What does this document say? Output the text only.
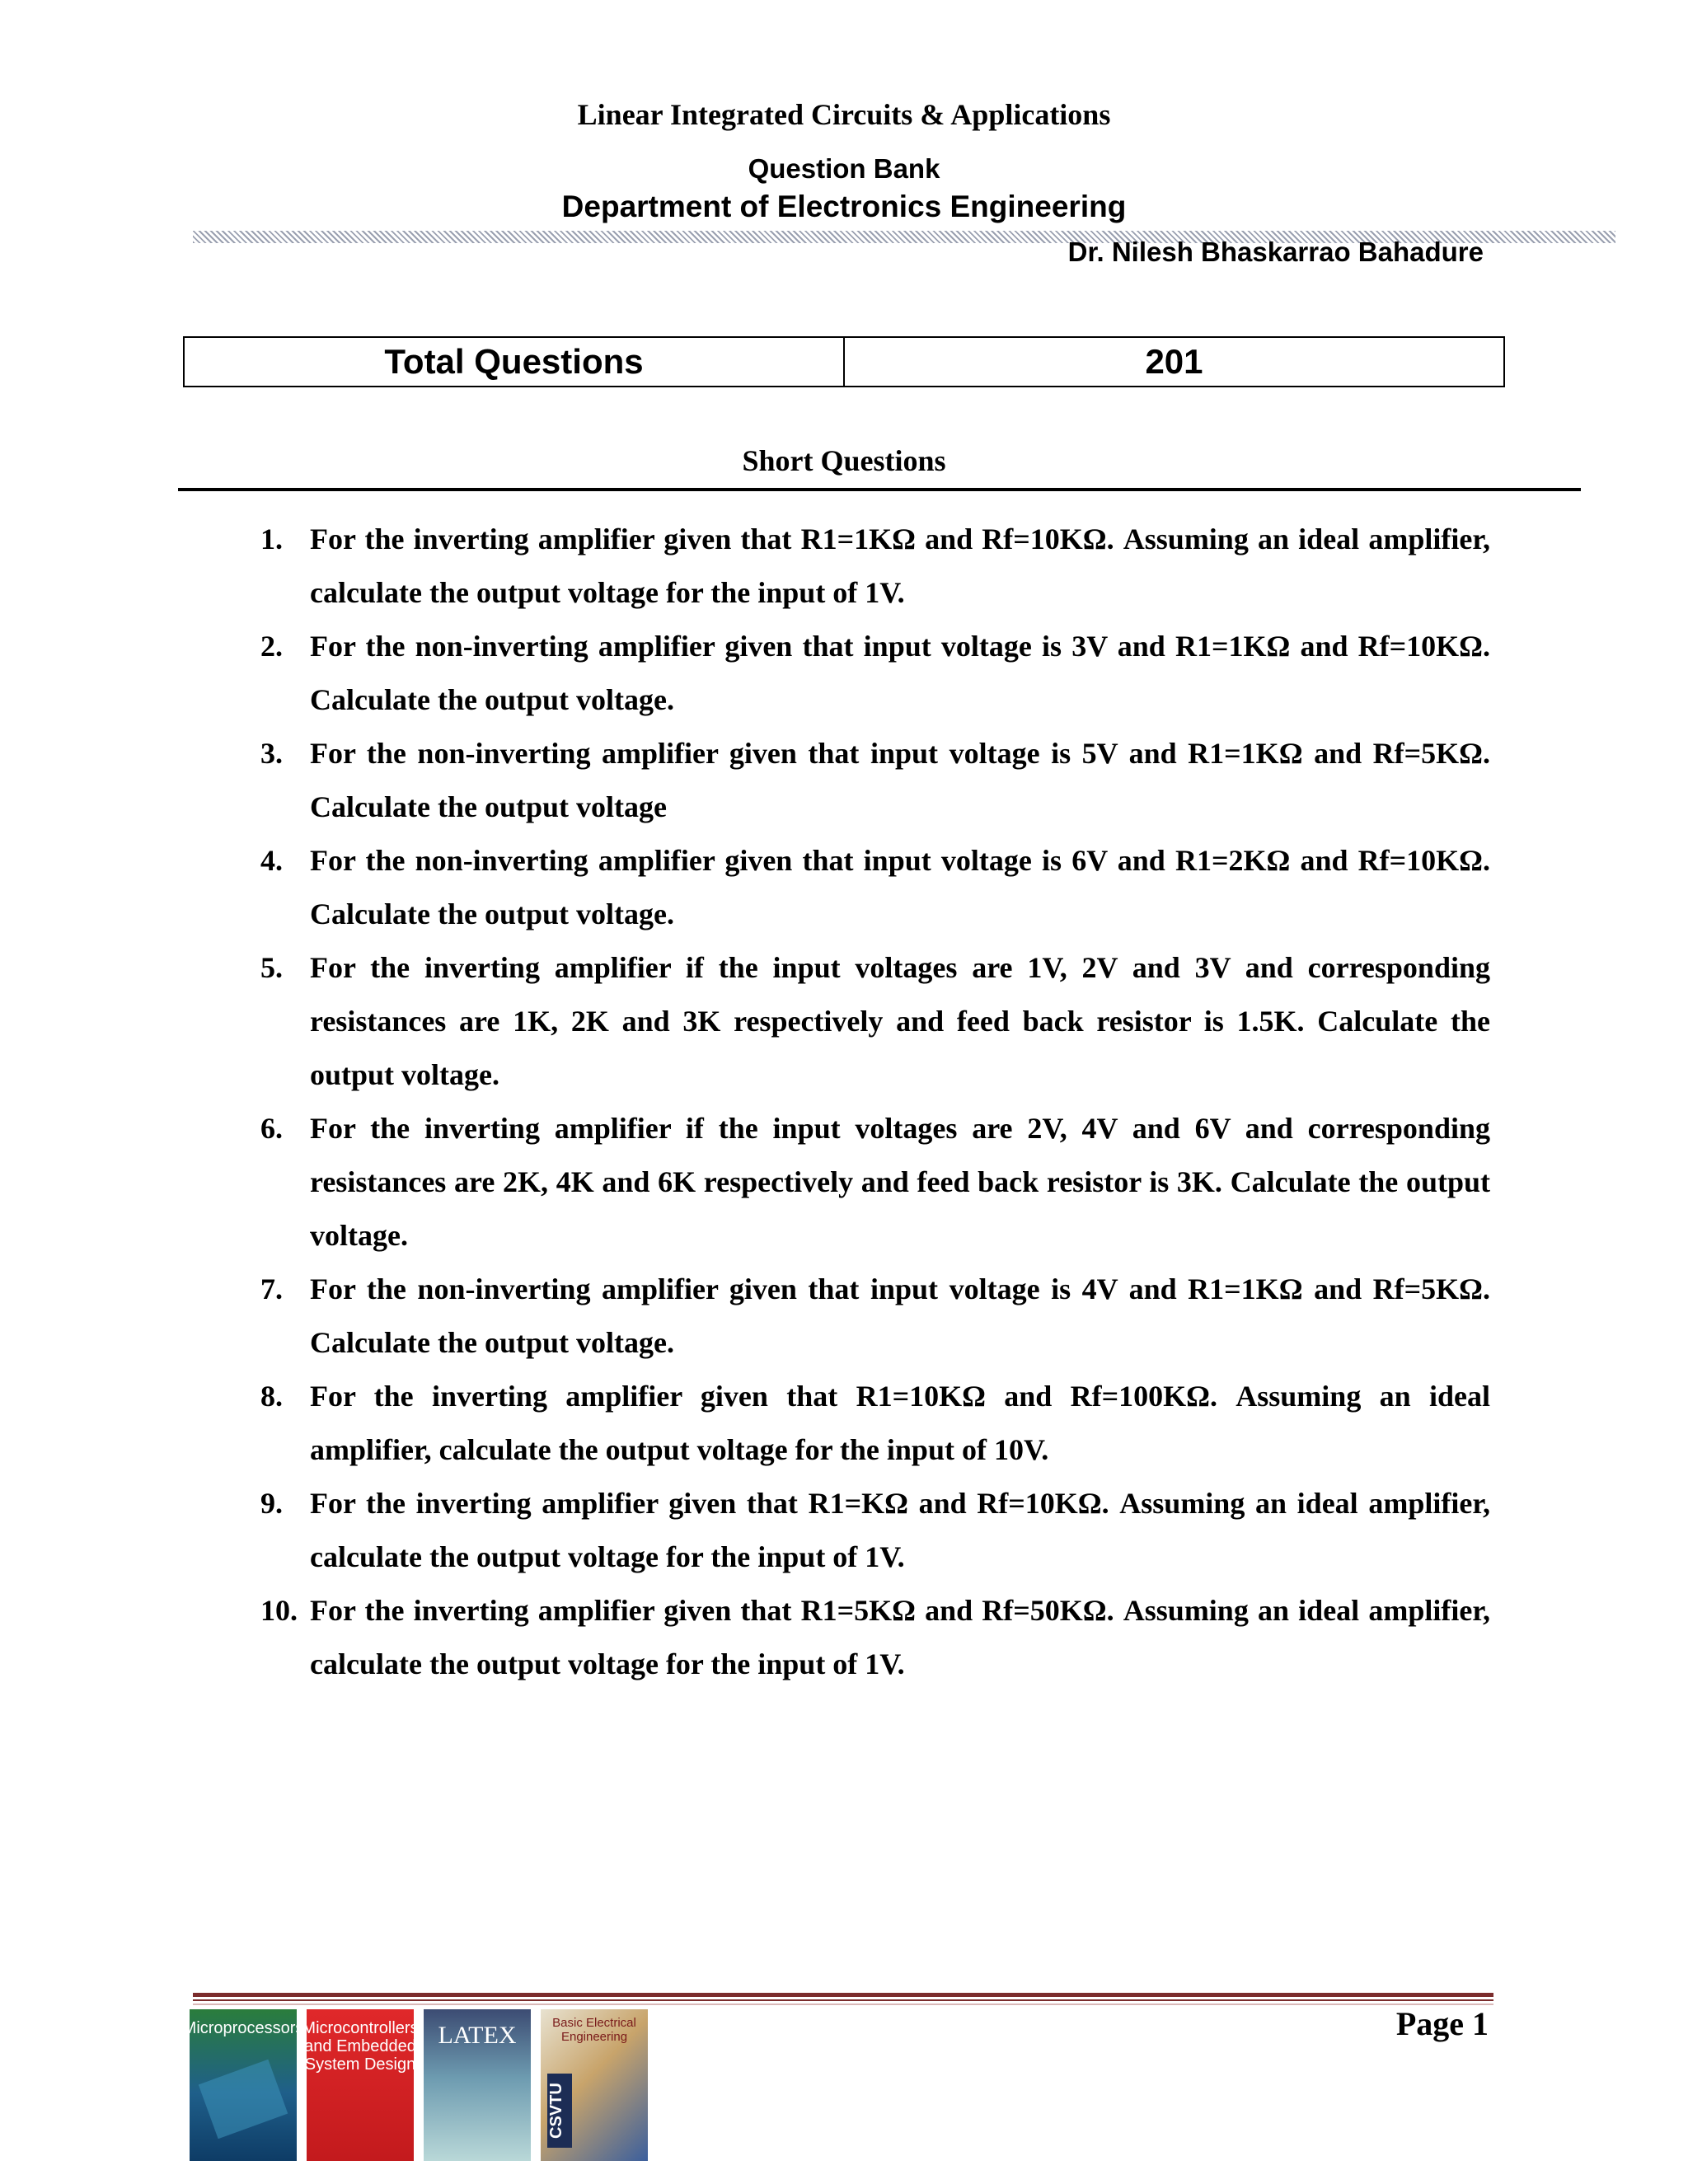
Linear Integrated Circuits & Applications
Question Bank
Department of Electronics Engineering
Dr. Nilesh Bhaskarrao Bahadure
Total Questions	201
Short Questions
1. For the inverting amplifier given that R1=1KΩ and Rf=10KΩ. Assuming an ideal amplifier, calculate the output voltage for the input of 1V.
2. For the non-inverting amplifier given that input voltage is 3V and R1=1KΩ and Rf=10KΩ. Calculate the output voltage.
3. For the non-inverting amplifier given that input voltage is 5V and R1=1KΩ and Rf=5KΩ. Calculate the output voltage
4. For the non-inverting amplifier given that input voltage is 6V and R1=2KΩ and Rf=10KΩ. Calculate the output voltage.
5. For the inverting amplifier if the input voltages are 1V, 2V and 3V and corresponding resistances are 1K, 2K and 3K respectively and feed back resistor is 1.5K. Calculate the output voltage.
6. For the inverting amplifier if the input voltages are 2V, 4V and 6V and corresponding resistances are 2K, 4K and 6K respectively and feed back resistor is 3K. Calculate the output voltage.
7. For the non-inverting amplifier given that input voltage is 4V and R1=1KΩ and Rf=5KΩ. Calculate the output voltage.
8. For the inverting amplifier given that R1=10KΩ and Rf=100KΩ. Assuming an ideal amplifier, calculate the output voltage for the input of 10V.
9. For the inverting amplifier given that R1=KΩ and Rf=10KΩ. Assuming an ideal amplifier, calculate the output voltage for the input of 1V.
10. For the inverting amplifier given that R1=5KΩ and Rf=50KΩ. Assuming an ideal amplifier, calculate the output voltage for the input of 1V.
Microprocessors
Microcontrollers and Embedded System Design
LATEX	Basic Electrical Engineering
CSVTU
Page 1
